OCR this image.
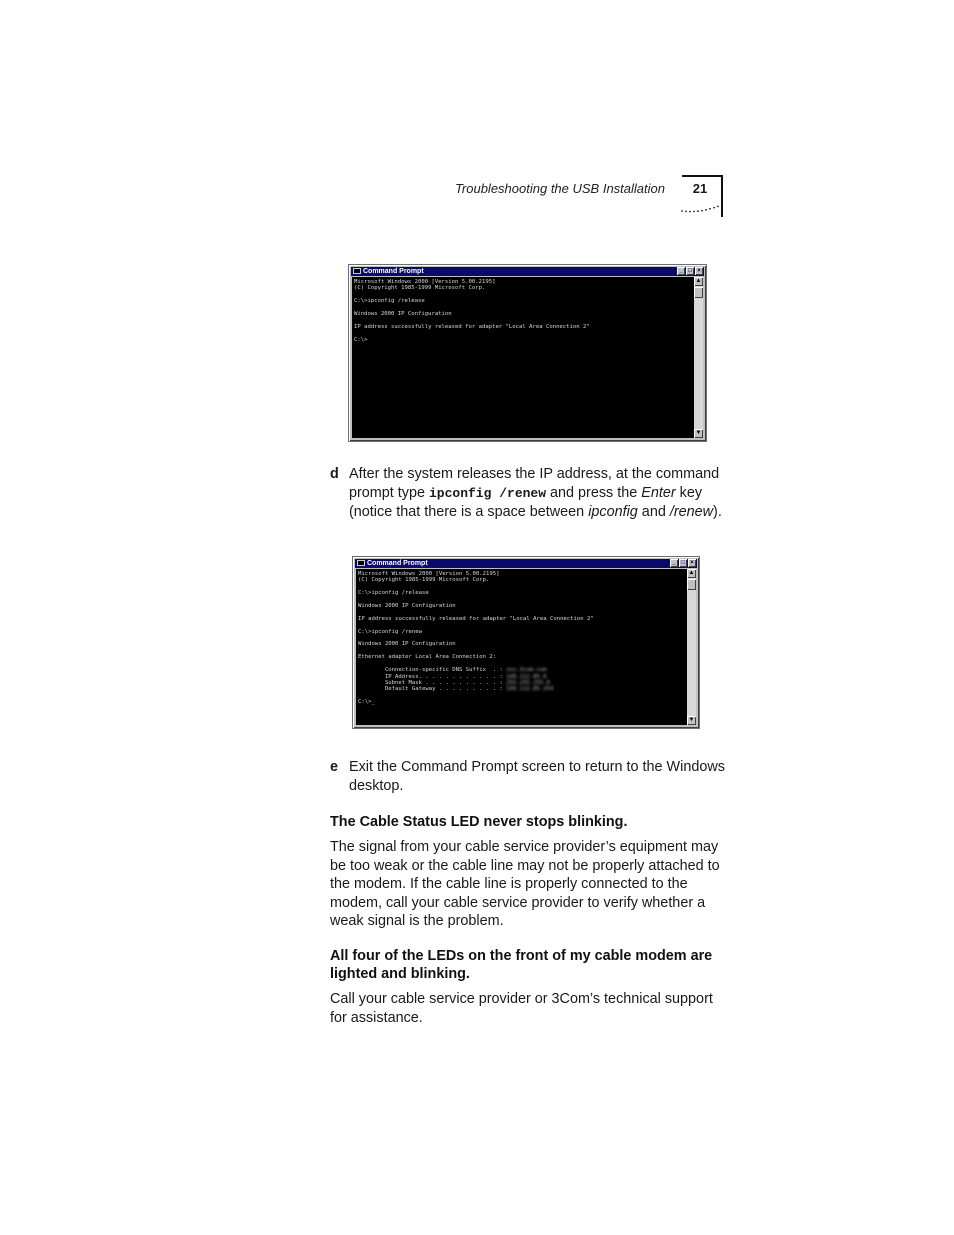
Troubleshooting the USB Installation	21
Command Prompt	_ □ ×
Microsoft Windows 2000 [Version 5.00.2195]
(C) Copyright 1985-1999 Microsoft Corp.

C:\>ipconfig /release

Windows 2000 IP Configuration

IP address successfully released for adapter "Local Area Connection 2"

C:\>

▲
▼
d After the system releases the IP address, at the command prompt type ipconfig /renew and press the Enter key (notice that there is a space between ipconfig and /renew).
Command Prompt	_ □ ×
Microsoft Windows 2000 [Version 5.00.2195]
(C) Copyright 1985-1999 Microsoft Corp.

C:\>ipconfig /release

Windows 2000 IP Configuration

IP address successfully released for adapter "Local Area Connection 2"

C:\>ipconfig /renew

Windows 2000 IP Configuration

Ethernet adapter Local Area Connection 2:

Connection-specific DNS Suffix  . : xxx.3com.com
IP Address. . . . . . . . . . . . : 149.112.85.6
Subnet Mask . . . . . . . . . . . : 255.255.255.0
Default Gateway . . . . . . . . . : 149.112.85.254

C:\>_
▲
▼
e Exit the Command Prompt screen to return to the Windows desktop.
The Cable Status LED never stops blinking.
The signal from your cable service provider’s equipment may be too weak or the cable line may not be properly attached to the modem. If the cable line is properly connected to the modem, call your cable service provider to verify whether a weak signal is the problem.
All four of the LEDs on the front of my cable modem are lighted and blinking.
Call your cable service provider or 3Com’s technical support for assistance.
